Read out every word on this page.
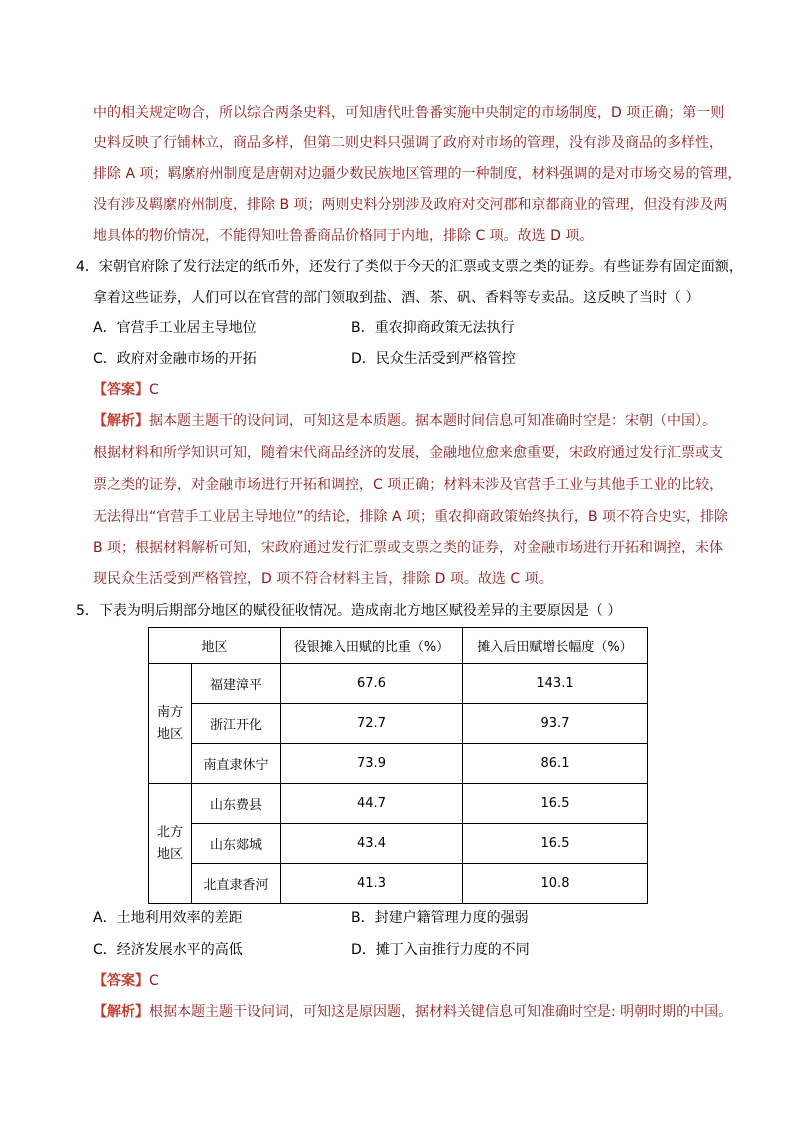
中的相关规定吻合，所以综合两条史料，可知唐代吐鲁番实施中央制定的市场制度，D 项正确；第一则
史料反映了行铺林立，商品多样，但第二则史料只强调了政府对市场的管理，没有涉及商品的多样性，
排除 A 项；羁縻府州制度是唐朝对边疆少数民族地区管理的一种制度，材料强调的是对市场交易的管理，
没有涉及羁縻府州制度，排除 B 项；两则史料分别涉及政府对交河郡和京都商业的管理，但没有涉及两
地具体的物价情况，不能得知吐鲁番商品价格同于内地，排除 C 项。故选 D 项。
4．宋朝官府除了发行法定的纸币外，还发行了类似于今天的汇票或支票之类的证券。有些证券有固定面额，
拿着这些证券，人们可以在官营的部门领取到盐、酒、茶、矾、香料等专卖品。这反映了当时（ ）
A．官营手工业居主导地位	B．重农抑商政策无法执行
C．政府对金融市场的开拓	D．民众生活受到严格管控
【答案】C
【解析】据本题主题干的设问词，可知这是本质题。据本题时间信息可知准确时空是：宋朝（中国）。
根据材料和所学知识可知，随着宋代商品经济的发展，金融地位愈来愈重要，宋政府通过发行汇票或支
票之类的证券，对金融市场进行开拓和调控，C 项正确；材料未涉及官营手工业与其他手工业的比较，
无法得出“官营手工业居主导地位”的结论，排除 A 项；重农抑商政策始终执行，B 项不符合史实，排除
B 项；根据材料解析可知，宋政府通过发行汇票或支票之类的证券，对金融市场进行开拓和调控，未体
现民众生活受到严格管控，D 项不符合材料主旨，排除 D 项。故选 C 项。
5．下表为明后期部分地区的赋役征收情况。造成南北方地区赋役差异的主要原因是（ ）
地区		役银摊入田赋的比重（%）	摊入后田赋增长幅度（%）

南方
地区	福建漳平	67.6	143.1
	浙江开化	72.7	93.7
	南直隶休宁	73.9	86.1

北方
地区	山东费县	44.7	16.5
	山东郯城	43.4	16.5
	北直隶香河	41.3	10.8
A．土地利用效率的差距	B．封建户籍管理力度的强弱
C．经济发展水平的高低	D．摊丁入亩推行力度的不同
【答案】C
【解析】根据本题主题干设问词，可知这是原因题，据材料关键信息可知准确时空是: 明朝时期的中国。
